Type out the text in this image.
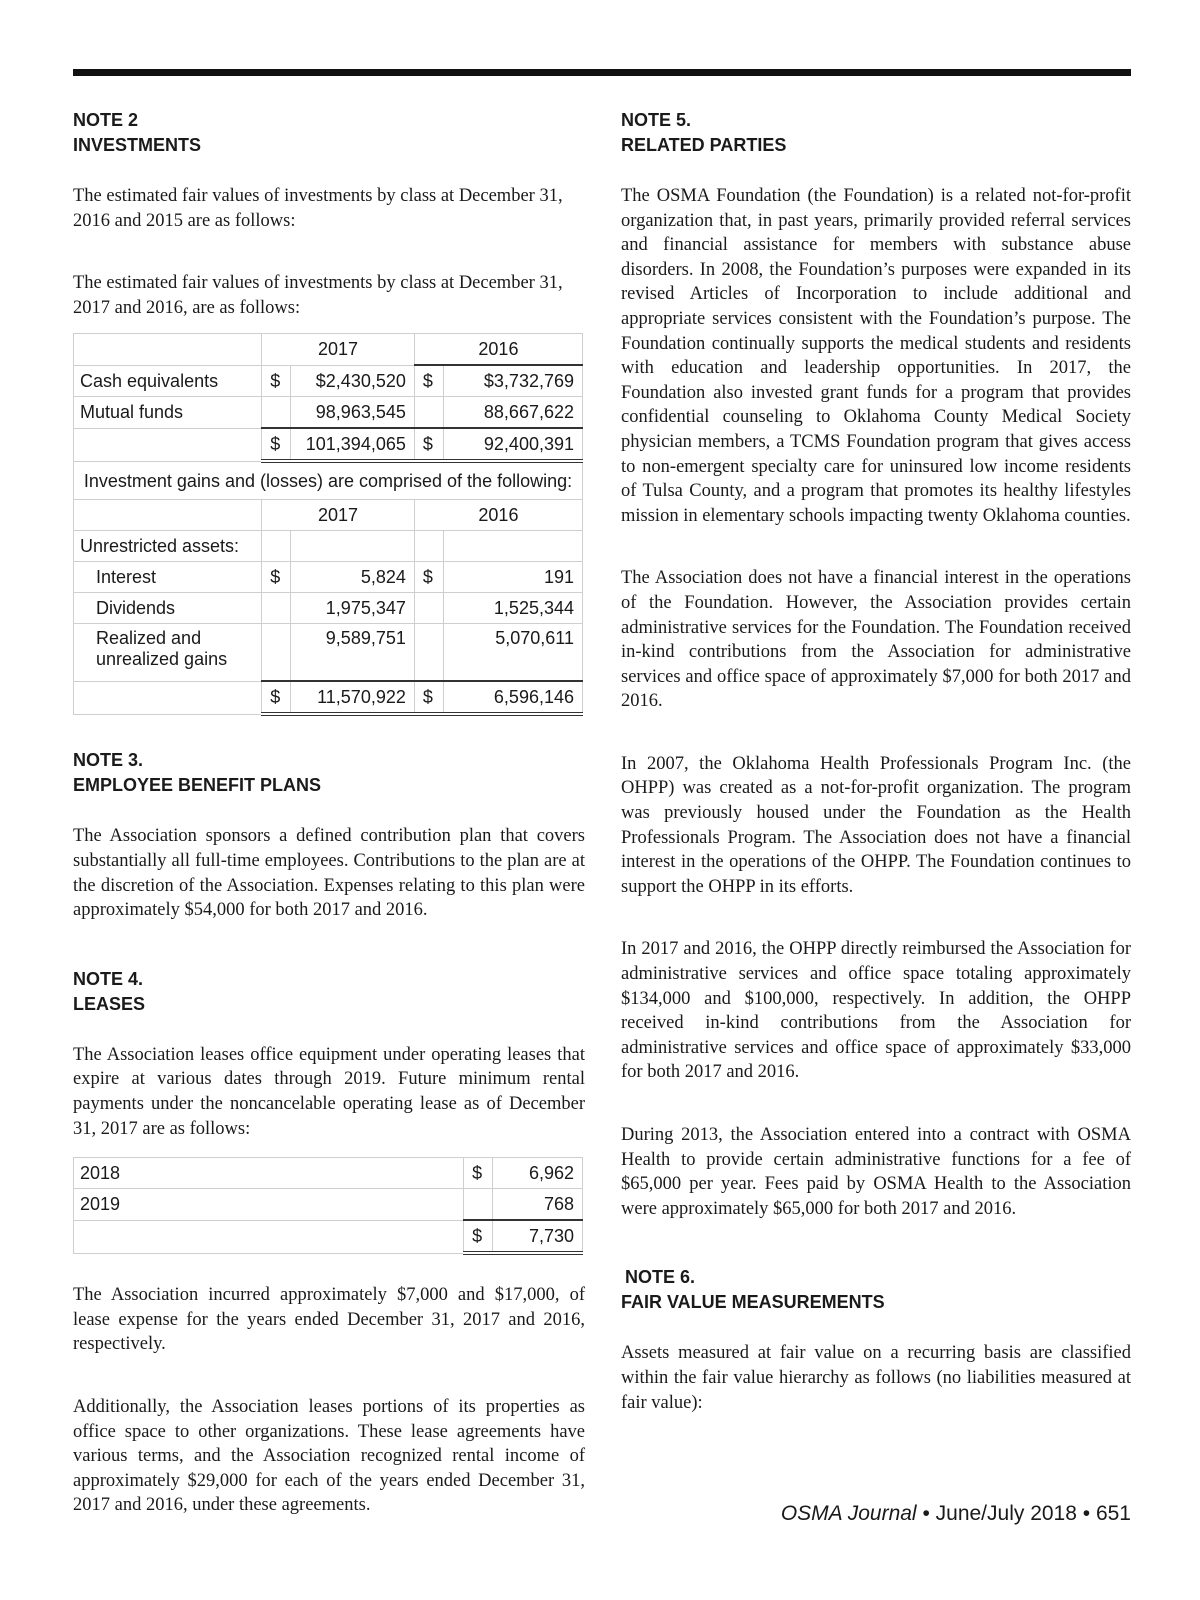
NOTE 2
INVESTMENTS

The estimated fair values of investments by class at December 31, 2016 and 2015 are as follows:

The estimated fair values of investments by class at December 31, 2017 and 2016, are as follows:

	2017		2016	
Cash equivalents	$	$2,430,520	$	$3,732,769
Mutual funds		98,963,545		88,667,622
	$	101,394,065	$	92,400,391
Investment gains and (losses) are comprised of the following:				
	2017		2016	
Unrestricted assets:				
Interest	$	5,824	$	191
Dividends		1,975,347		1,525,344
Realized and unrealized gains		9,589,751		5,070,611
	$	11,570,922	$	6,596,146

NOTE 3.
EMPLOYEE BENEFIT PLANS

The Association sponsors a defined contribution plan that covers substantially all full-time employees. Contributions to the plan are at the discretion of the Association. Expenses relating to this plan were approximately $54,000 for both 2017 and 2016.

NOTE 4.
LEASES

The Association leases office equipment under operating leases that expire at various dates through 2019. Future minimum rental payments under the noncancelable operating lease as of December 31, 2017 are as follows:

2018	$	6,962
2019		768
	$	7,730

The Association incurred approximately $7,000 and $17,000, of lease expense for the years ended December 31, 2017 and 2016, respectively.

Additionally, the Association leases portions of its properties as office space to other organizations. These lease agreements have various terms, and the Association recognized rental income of approximately $29,000 for each of the years ended December 31, 2017 and 2016, under these agreements.

NOTE 5.
RELATED PARTIES

The OSMA Foundation (the Foundation) is a related not-for-profit organization that, in past years, primarily provided referral services and financial assistance for members with substance abuse disorders. In 2008, the Foundation’s purposes were expanded in its revised Articles of Incorporation to include additional and appropriate services consistent with the Foundation’s purpose. The Foundation continually supports the medical students and residents with education and leadership opportunities. In 2017, the Foundation also invested grant funds for a program that provides confidential counseling to Oklahoma County Medical Society physician members, a TCMS Foundation program that gives access to non-emergent specialty care for uninsured low income residents of Tulsa County, and a program that promotes its healthy lifestyles mission in elementary schools impacting twenty Oklahoma counties.

The Association does not have a financial interest in the operations of the Foundation. However, the Association provides certain administrative services for the Foundation. The Foundation received in-kind contributions from the Association for administrative services and office space of approximately $7,000 for both 2017 and 2016.

In 2007, the Oklahoma Health Professionals Program Inc. (the OHPP) was created as a not-for-profit organization. The program was previously housed under the Foundation as the Health Professionals Program. The Association does not have a financial interest in the operations of the OHPP. The Foundation continues to support the OHPP in its efforts.

In 2017 and 2016, the OHPP directly reimbursed the Association for administrative services and office space totaling approximately $134,000 and $100,000, respectively. In addition, the OHPP received in-kind contributions from the Association for administrative services and office space of approximately $33,000 for both 2017 and 2016.

During 2013, the Association entered into a contract with OSMA Health to provide certain administrative functions for a fee of $65,000 per year. Fees paid by OSMA Health to the Association were approximately $65,000 for both 2017 and 2016.

NOTE 6.
FAIR VALUE MEASUREMENTS

Assets measured at fair value on a recurring basis are classified within the fair value hierarchy as follows (no liabilities measured at fair value):

OSMA Journal • June/July 2018 • 651
